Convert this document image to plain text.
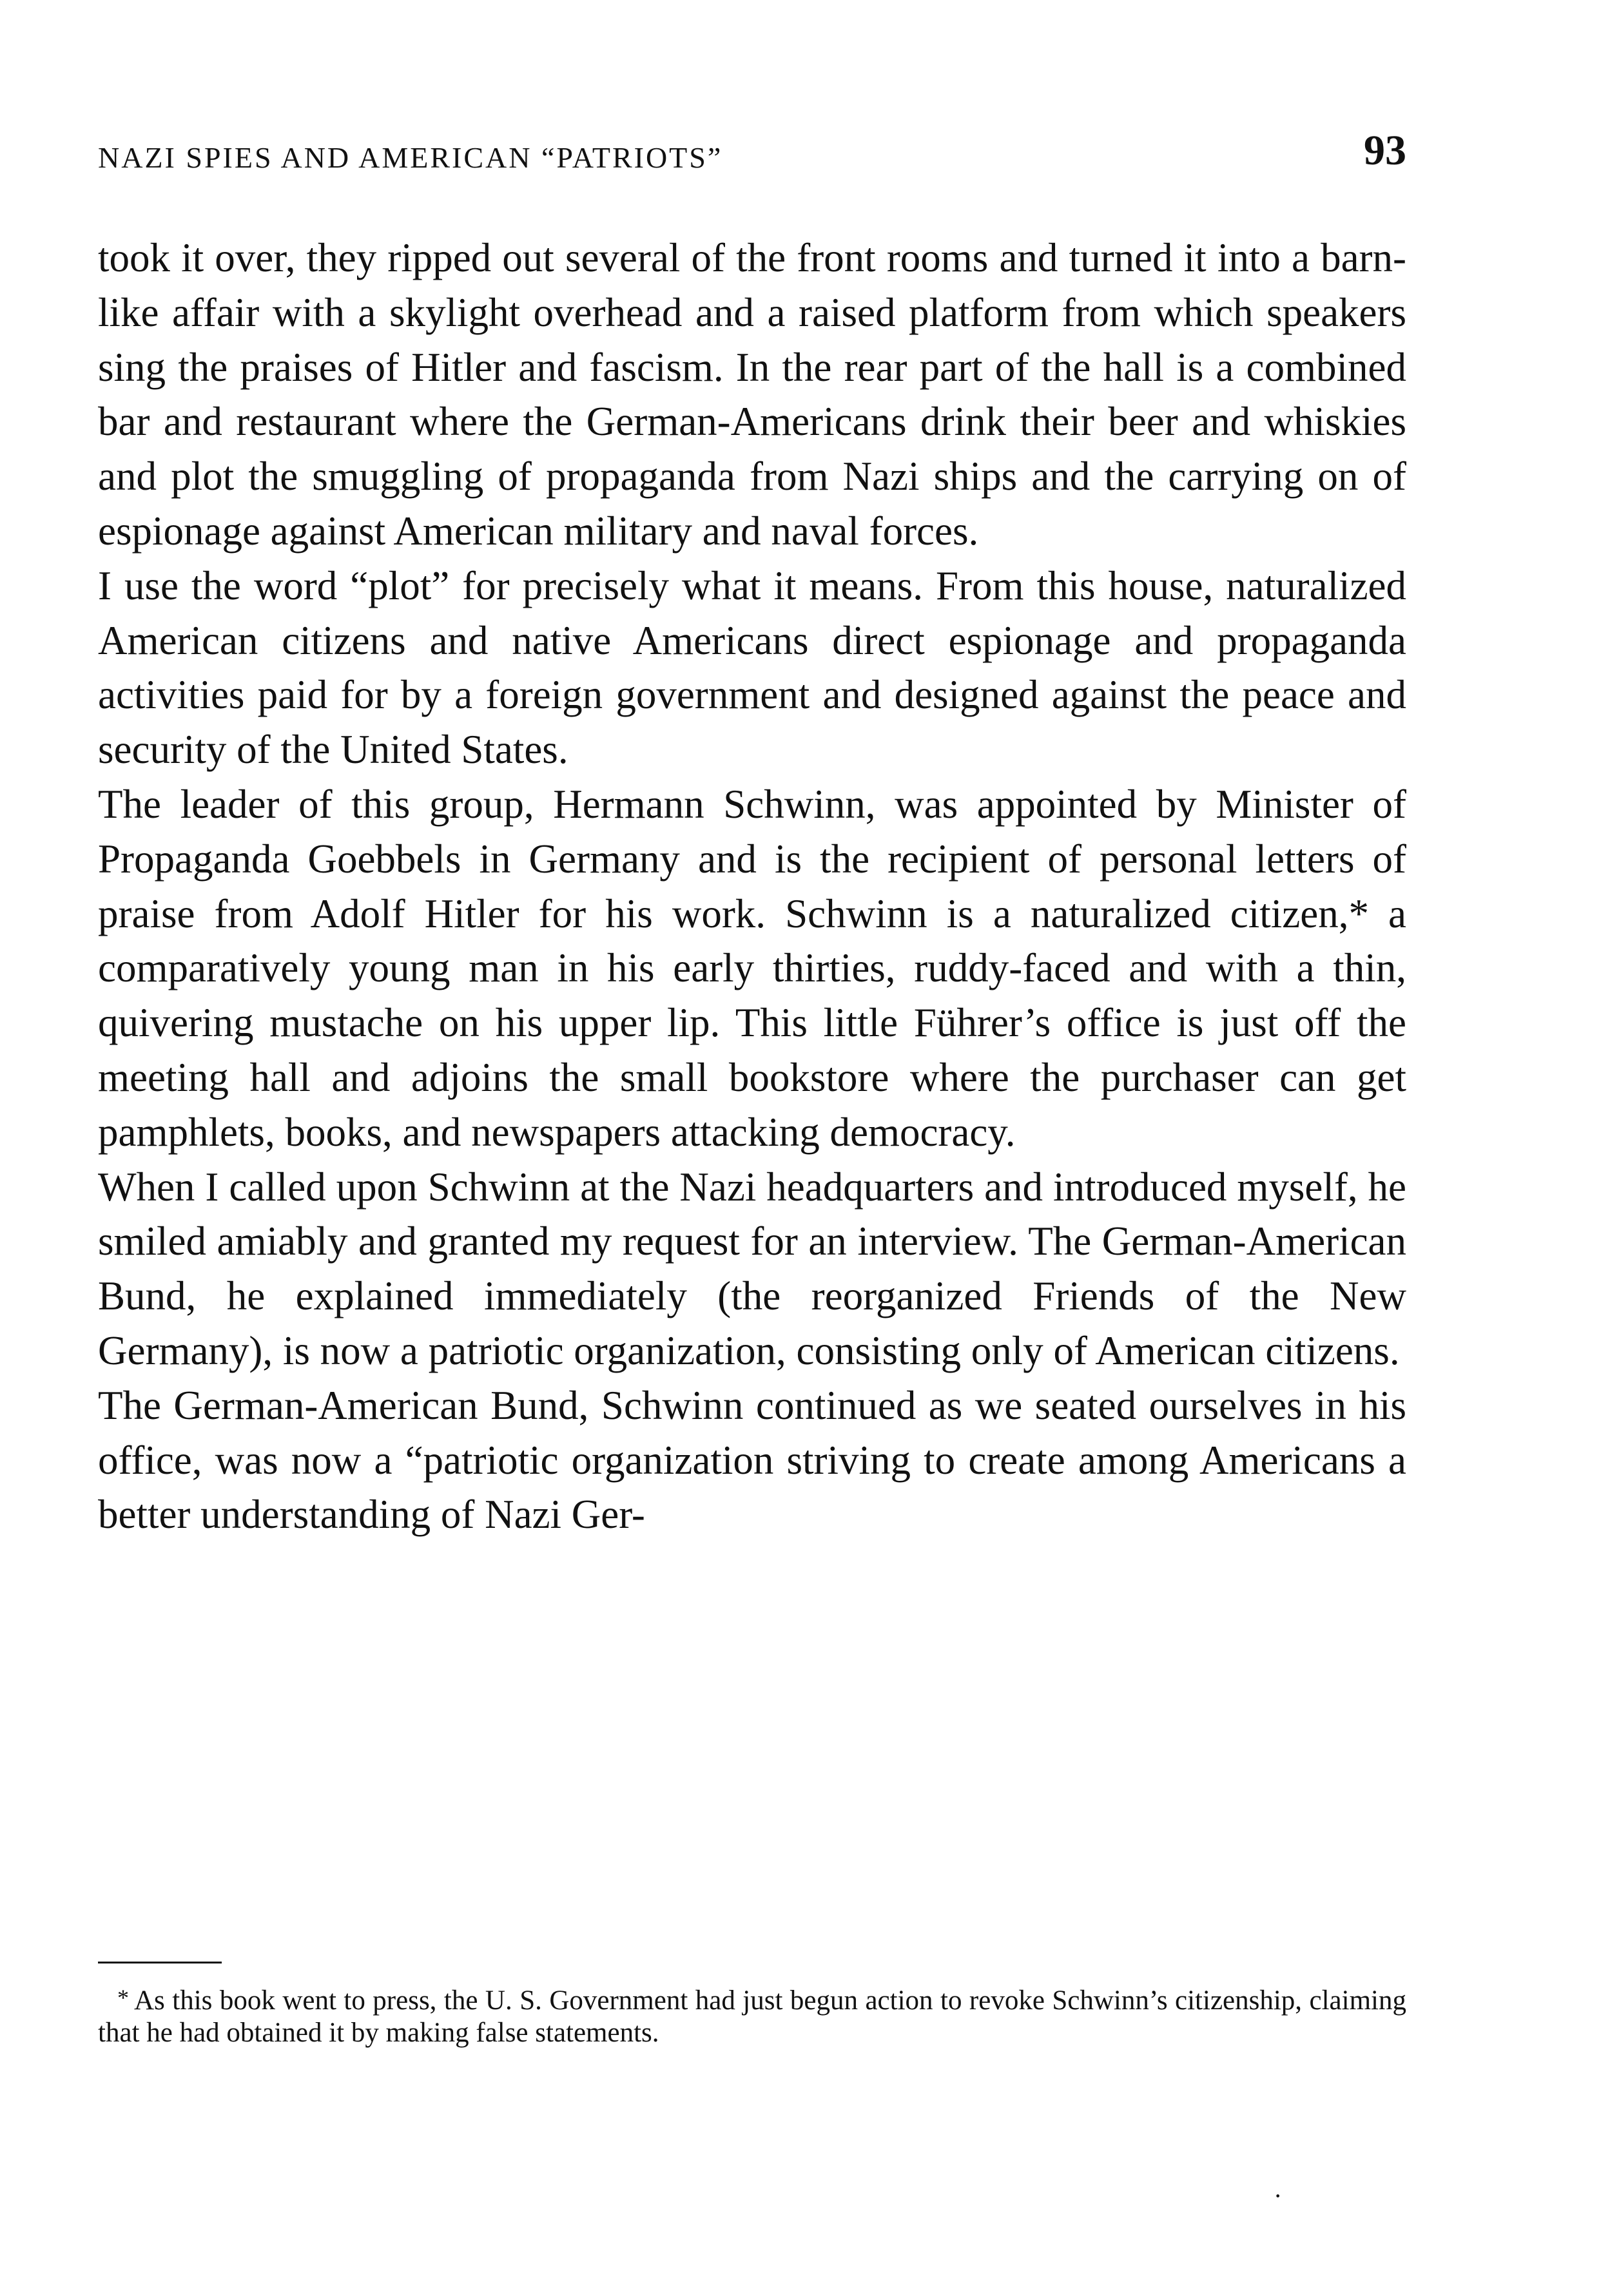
NAZI SPIES AND AMERICAN “PATRIOTS”	93

took it over, they ripped out several of the front rooms and turned it into a barn-like affair with a skylight overhead and a raised platform from which speakers sing the praises of Hitler and fascism. In the rear part of the hall is a combined bar and restaurant where the German-Americans drink their beer and whiskies and plot the smuggling of propaganda from Nazi ships and the carrying on of espionage against American military and naval forces.

I use the word “plot” for precisely what it means. From this house, naturalized American citizens and native Americans direct espionage and propaganda activities paid for by a foreign government and designed against the peace and security of the United States.

The leader of this group, Hermann Schwinn, was appointed by Minister of Propaganda Goebbels in Germany and is the recipient of personal letters of praise from Adolf Hitler for his work. Schwinn is a naturalized citizen,* a comparatively young man in his early thirties, ruddy-faced and with a thin, quivering mustache on his upper lip. This little Führer’s office is just off the meeting hall and adjoins the small bookstore where the purchaser can get pamphlets, books, and newspapers attacking democracy.

When I called upon Schwinn at the Nazi headquarters and introduced myself, he smiled amiably and granted my request for an interview. The German-American Bund, he explained immediately (the reorganized Friends of the New Germany), is now a patriotic organization, consisting only of American citizens.

The German-American Bund, Schwinn continued as we seated ourselves in his office, was now a “patriotic organization striving to create among Americans a better understanding of Nazi Ger-

* As this book went to press, the U. S. Government had just begun action to revoke Schwinn’s citizenship, claiming that he had obtained it by making false statements.
·
